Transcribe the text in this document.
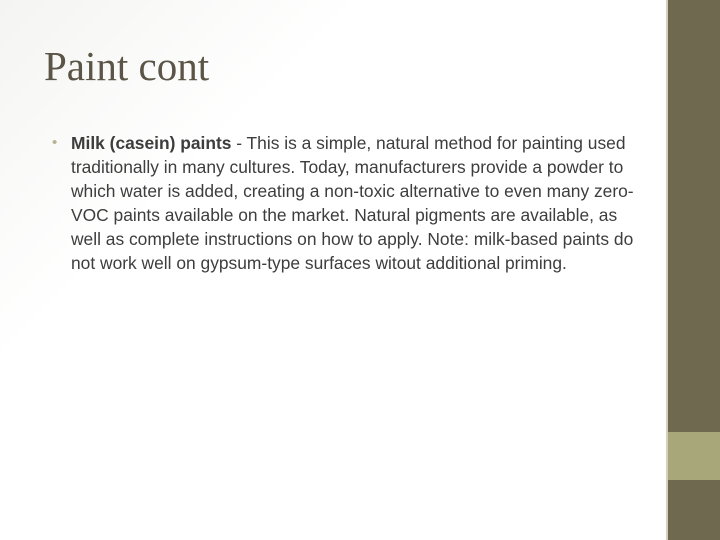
Paint cont
• Milk (casein) paints - This is a simple, natural method for painting used traditionally in many cultures. Today, manufacturers provide a powder to which water is added, creating a non-toxic alternative to even many zero-VOC paints available on the market. Natural pigments are available, as well as complete instructions on how to apply. Note: milk-based paints do not work well on gypsum-type surfaces witout additional priming.
